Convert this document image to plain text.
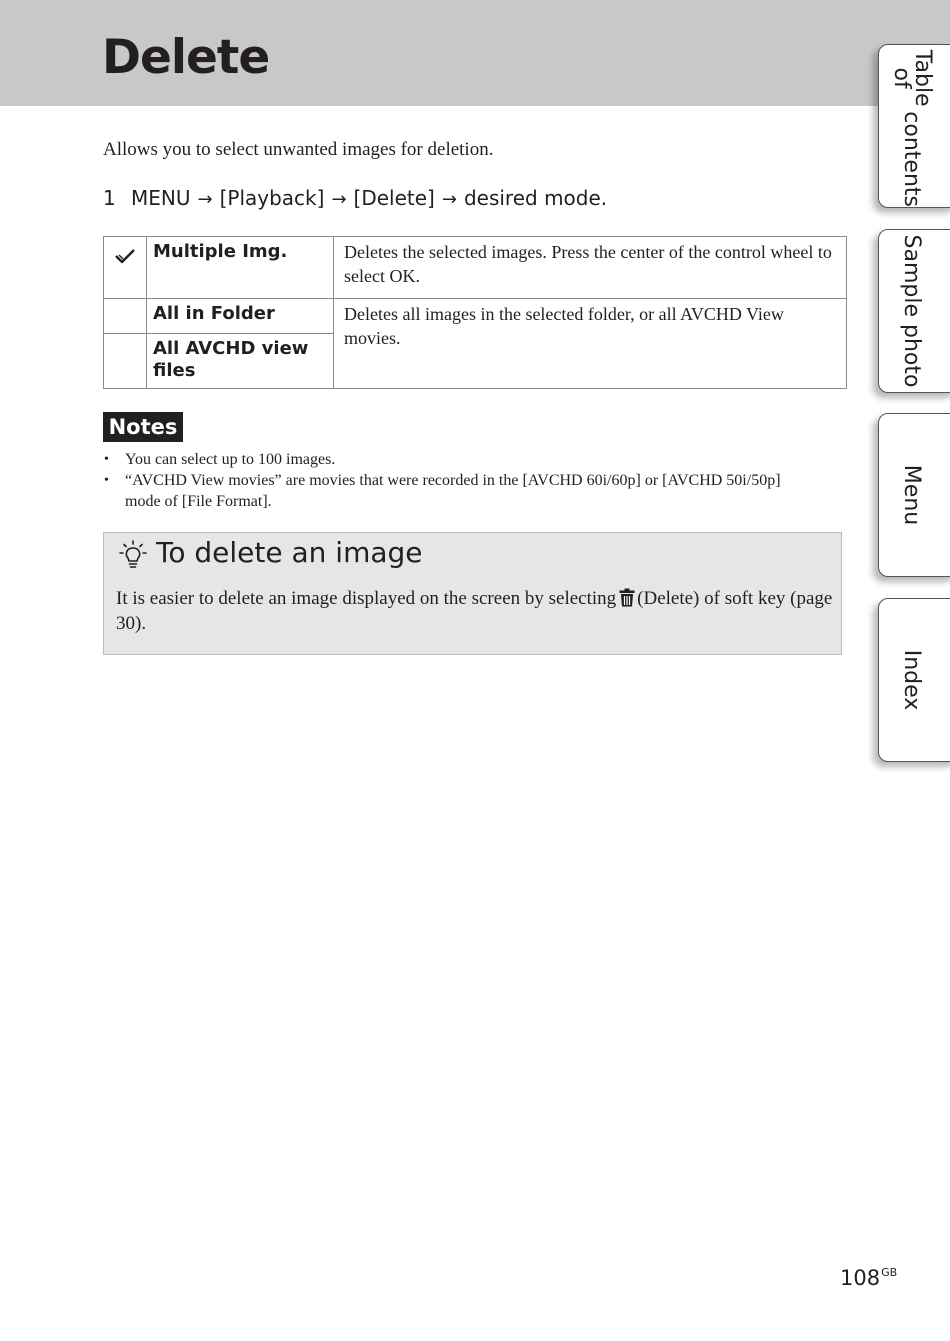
Delete
Allows you to select unwanted images for deletion.
1 MENU → [Playback] → [Delete] → desired mode.
	Multiple Img.	Deletes the selected images. Press the center of the control wheel to select OK.
	All in Folder	Deletes all images in the selected folder, or all AVCHD View movies.
	All AVCHD view files	
Notes
• You can select up to 100 images.
• “AVCHD View movies” are movies that were recorded in the [AVCHD 60i/60p] or [AVCHD 50i/50p] mode of [File Format].
To delete an image
It is easier to delete an image displayed on the screen by selecting (Delete) of soft key (page 30).
Table of

contents
Sample photo
Menu
Index
$108^{GB}$
